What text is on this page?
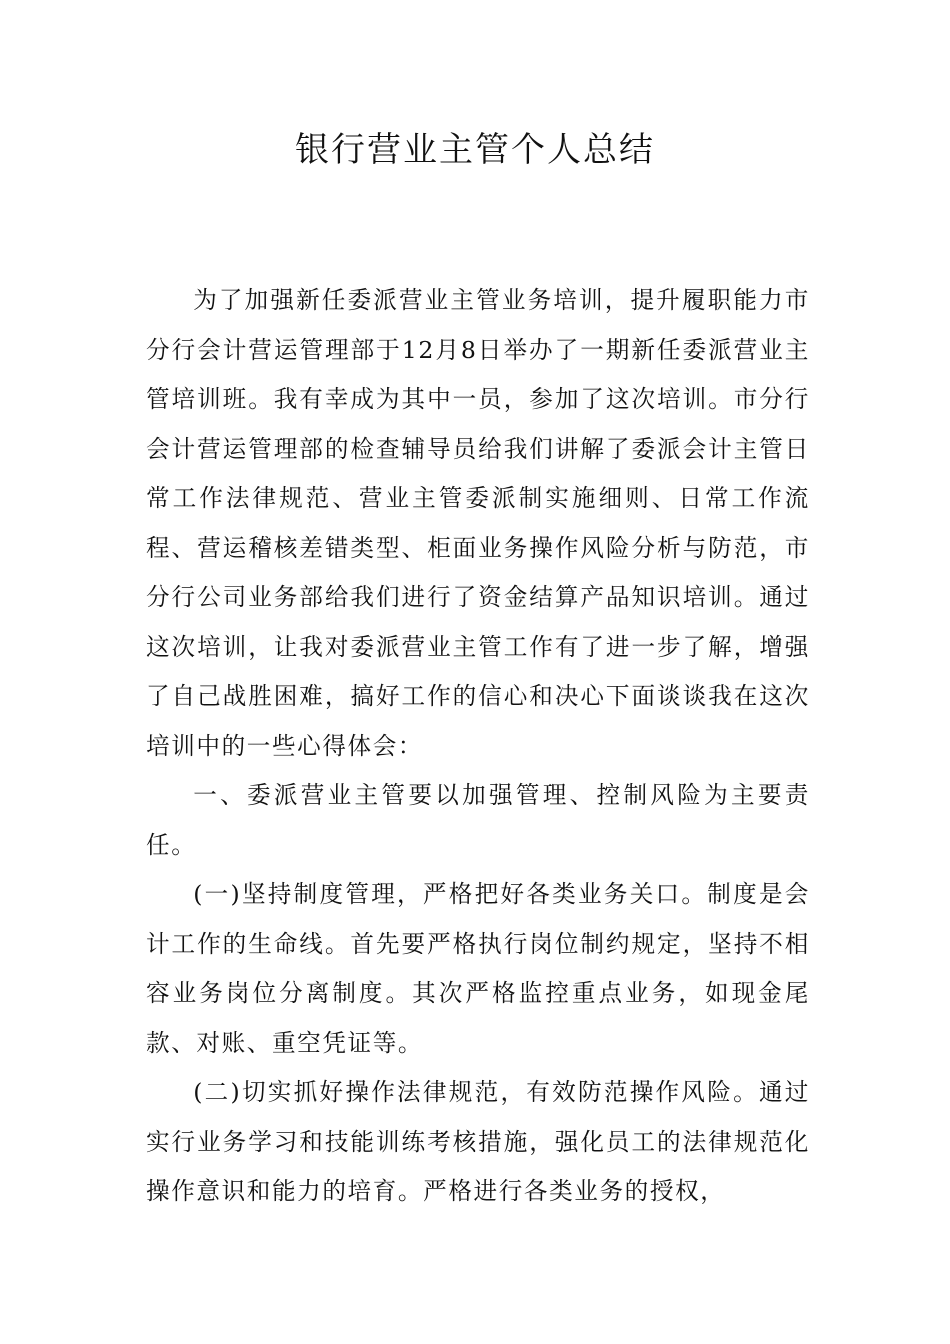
银行营业主管个人总结

为了加强新任委派营业主管业务培训，提升履职能力市分行会计营运管理部于12月8日举办了一期新任委派营业主管培训班。我有幸成为其中一员，参加了这次培训。市分行会计营运管理部的检查辅导员给我们讲解了委派会计主管日常工作法律规范、营业主管委派制实施细则、日常工作流程、营运稽核差错类型、柜面业务操作风险分析与防范，市分行公司业务部给我们进行了资金结算产品知识培训。通过这次培训，让我对委派营业主管工作有了进一步了解，增强了自己战胜困难，搞好工作的信心和决心下面谈谈我在这次培训中的一些心得体会：

一、委派营业主管要以加强管理、控制风险为主要责任。

(一)坚持制度管理，严格把好各类业务关口。制度是会计工作的生命线。首先要严格执行岗位制约规定，坚持不相容业务岗位分离制度。其次严格监控重点业务，如现金尾款、对账、重空凭证等。

(二)切实抓好操作法律规范，有效防范操作风险。通过实行业务学习和技能训练考核措施，强化员工的法律规范化操作意识和能力的培育。严格进行各类业务的授权，
